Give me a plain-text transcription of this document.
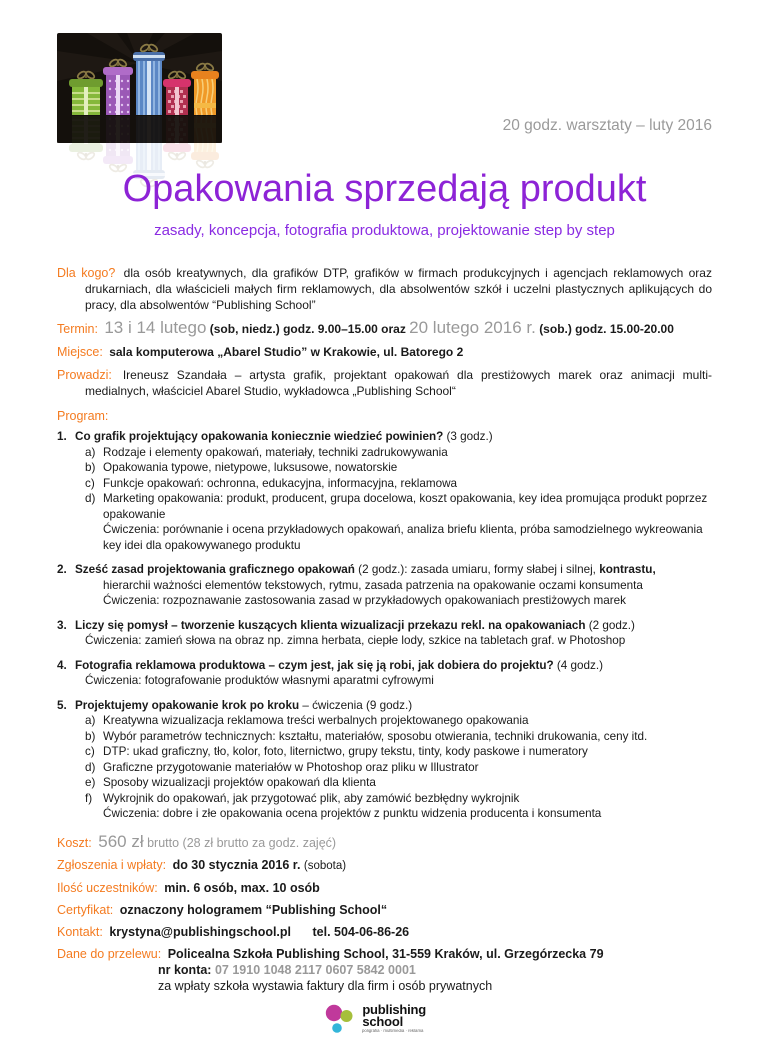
20 godz. warsztaty – luty 2016
Opakowania sprzedają produkt
zasady, koncepcja, fotografia produktowa, projektowanie step by step

Dla kogo? dla osób kreatywnych, dla grafików DTP, grafików w firmach produkcyjnych i agencjach reklamowych oraz drukarniach, dla właścicieli małych firm reklamowych, dla absolwentów szkół i uczelni plastycznych aplikujących do pracy, dla absolwentów “Publishing School”

Termin: 13 i 14 lutego (sob, niedz.) godz. 9.00–15.00 oraz 20 lutego 2016 r. (sob.) godz. 15.00-20.00

Miejsce: sala komputerowa „Abarel Studio” w Krakowie, ul. Batorego 2

Prowadzi: Ireneusz Szandała – artysta grafik, projektant opakowań dla prestiżowych marek oraz animacji multi-medialnych, właściciel Abarel Studio, wykładowca „Publishing School“

Program:
1. Co grafik projektujący opakowania koniecznie wiedzieć powinien? (3 godz.)
a) Rodzaje i elementy opakowań, materiały, techniki zadrukowywania
b) Opakowania typowe, nietypowe, luksusowe, nowatorskie
c) Funkcje opakowań: ochronna, edukacyjna, informacyjna, reklamowa
d) Marketing opakowania: produkt, producent, grupa docelowa, koszt opakowania, key idea promująca produkt poprzez opakowanie
Ćwiczenia: porównanie i ocena przykładowych opakowań, analiza briefu klienta, próba samodzielnego wykreowania key idei dla opakowywanego produktu
2. Sześć zasad projektowania graficznego opakowań (2 godz.): zasada umiaru, formy słabej i silnej, kontrastu,
hierarchii ważności elementów tekstowych, rytmu, zasada patrzenia na opakowanie oczami konsumenta
Ćwiczenia: rozpoznawanie zastosowania zasad w przykładowych opakowaniach prestiżowych marek
3. Liczy się pomysł – tworzenie kuszących klienta wizualizacji przekazu rekl. na opakowaniach (2 godz.)
Ćwiczenia: zamień słowa na obraz np. zimna herbata, ciepłe lody, szkice na tabletach graf. w Photoshop
4. Fotografia reklamowa produktowa – czym jest, jak się ją robi, jak dobiera do projektu? (4 godz.)
Ćwiczenia: fotografowanie produktów własnymi aparatmi cyfrowymi
5. Projektujemy opakowanie krok po kroku – ćwiczenia (9 godz.)
a) Kreatywna wizualizacja reklamowa treści werbalnych projektowanego opakowania
b) Wybór parametrów technicznych: kształtu, materiałów, sposobu otwierania, techniki drukowania, ceny itd.
c) DTP: ukad graficzny, tło, kolor, foto, liternictwo, grupy tekstu, tinty, kody paskowe i numeratory
d) Graficzne przygotowanie materiałów w Photoshop oraz pliku w Illustrator
e) Sposoby wizualizacji projektów opakowań dla klienta
f) Wykrojnik do opakowań, jak przygotować plik, aby zamówić bezbłędny wykrojnik
Ćwiczenia: dobre i złe opakowania ocena projektów z punktu widzenia producenta i konsumenta

Koszt: 560 zł brutto (28 zł brutto za godz. zajęć)

Zgłoszenia i wpłaty: do 30 stycznia 2016 r. (sobota)

Ilość uczestników: min. 6 osób, max. 10 osób

Certyfikat: oznaczony hologramem “Publishing School“

Kontakt: krystyna@publishingschool.pl tel. 504-06-86-26

Dane do przelewu: Policealna Szkoła Publishing School, 31-559 Kraków, ul. Grzegórzecka 79

nr konta: 07 1910 1048 2117 0607 5842 0001

za wpłaty szkoła wystawia faktury dla firm i osób prywatnych

publishing
school
poligrafia · multimedia · reklama
